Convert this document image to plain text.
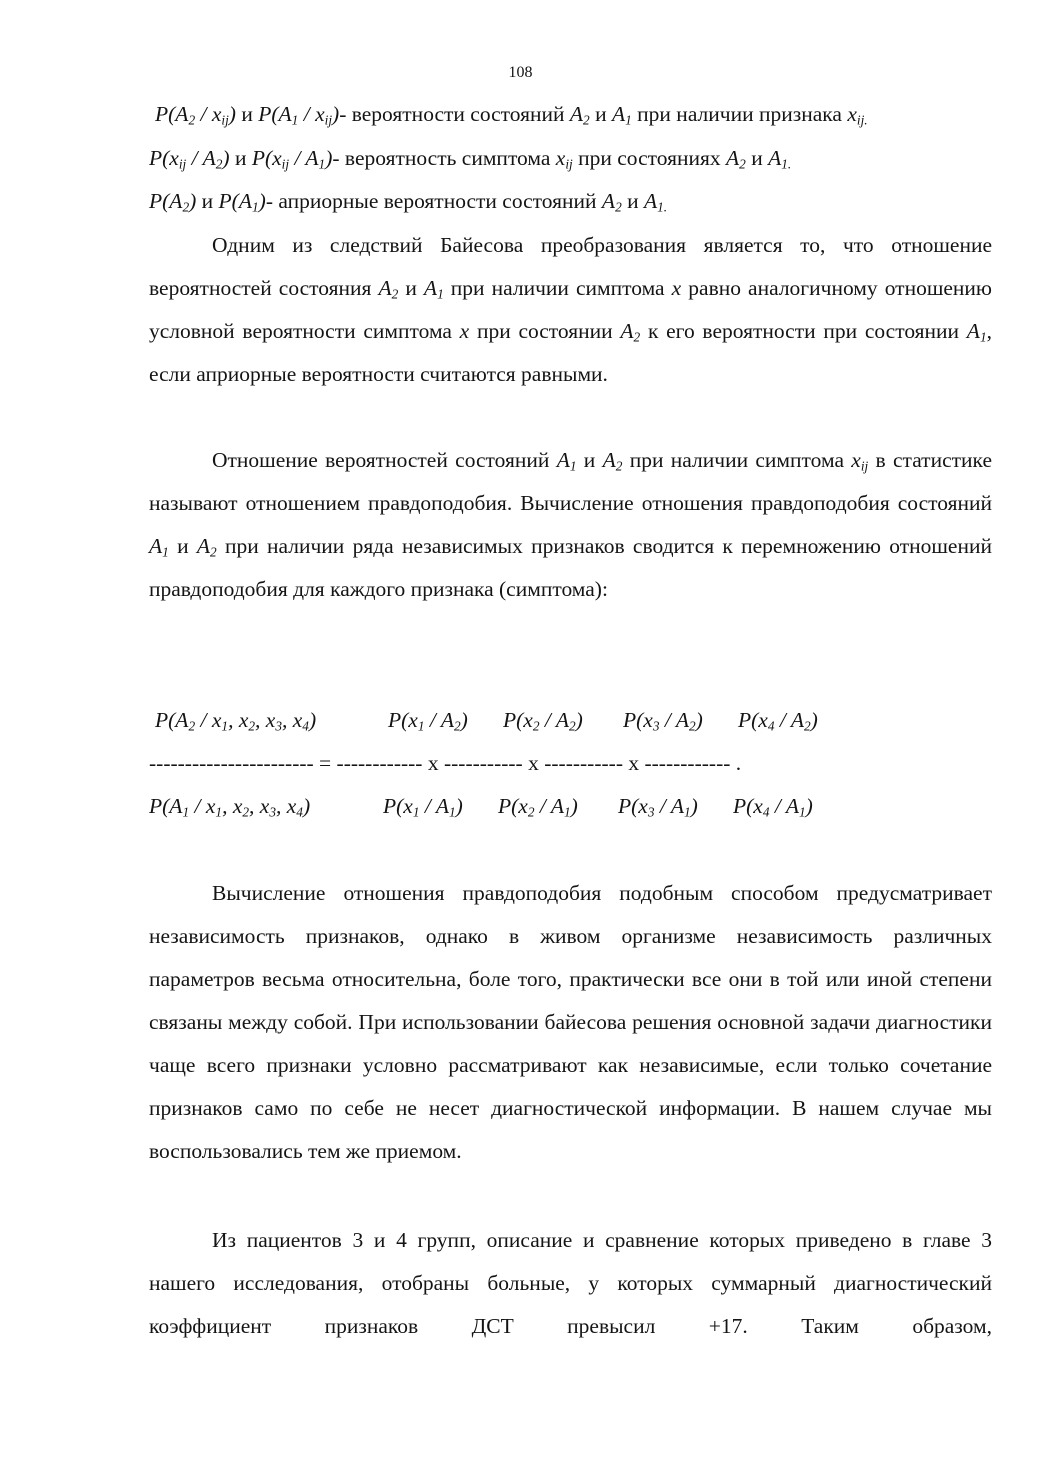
108
$P(A_2 / x_{ij})$ и $P(A_1 / x_{ij})-$ вероятности состояний $A_2$ и $A_1$ при наличии признака $x_{ij.}$
$P(x_{ij} / A_2)$ и $P(x_{ij} / A_1)-$ вероятность симптома $x_{ij}$ при состояниях $A_2$ и $A_{1.}$
$P(A_2)$ и $P(A_1)-$ априорные вероятности состояний $A_2$ и $A_{1.}$

Одним из следствий Байесова преобразования является то, что отношение вероятностей состояния $A_2$ и $A_1$ при наличии симптома x равно аналогичному отношению условной вероятности симптома x при состоянии $A_2$ к его вероятности при состоянии $A_1$, если априорные вероятности считаются равными.

Отношение вероятностей состояний $A_1$ и $A_2$ при наличии симптома $x_{ij}$ в статистике называют отношением правдоподобия. Вычисление отношения правдоподобия состояний $A_1$ и $A_2$ при наличии ряда независимых признаков сводится к перемножению отношений правдоподобия для каждого признака (симптома):

$P(A_2 / x_1$, $x_2$, $x_3$, $x_4$)	$P(x_1 / A_2)$ $P(x_2 / A_2)$ $P(x_3 / A_2)$ $P(x_4 / A_2)$
----------------------- = ------------ х ----------- х ----------- х ------------ .
$P(A_1 / x_1$, $x_2$, $x_3$, $x_4$)	$P(x_1 / A_1)$ $P(x_2 / A_1)$ $P(x_3 / A_1)$ $P(x_4 / A_1)$

Вычисление отношения правдоподобия подобным способом предусматривает независимость признаков, однако в живом организме независимость различных параметров весьма относительна, боле того, практически все они в той или иной степени связаны между собой. При использовании байесова решения основной задачи диагностики чаще всего признаки условно рассматривают как независимые, если только сочетание признаков само по себе не несет диагностической информации. В нашем случае мы воспользовались тем же приемом.

Из пациентов 3 и 4 групп, описание и сравнение которых приведено в главе 3 нашего исследования, отобраны больные, у которых суммарный диагностический коэффициент признаков ДСТ превысил +17. Таким образом,
